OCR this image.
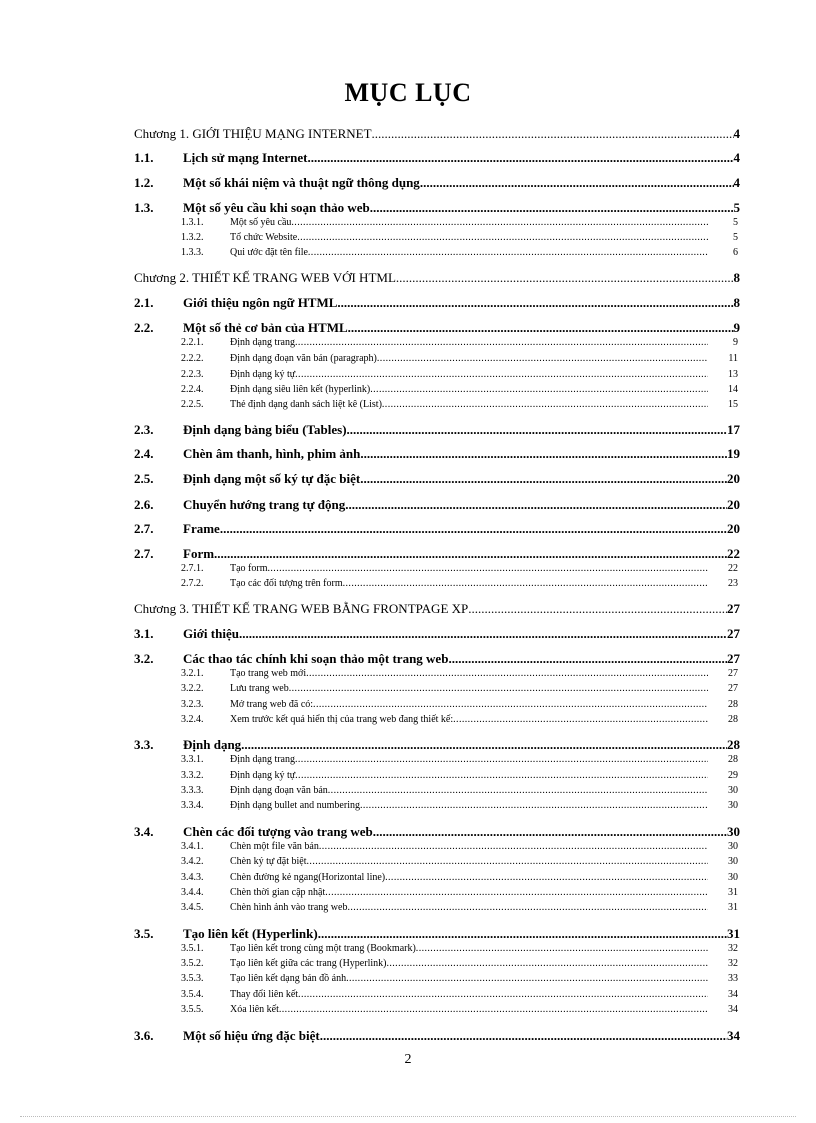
MỤC LỤC
Chương 1. GIỚI THIỆU MẠNG INTERNET .....	4
1.1.	Lịch sử mạng Internet .....	4
1.2.	Một số khái niệm và thuật ngữ thông dụng .....	4
1.3.	Một số yêu cầu khi soạn thảo web .....	5
1.3.1.	Một số yêu cầu .....	5
1.3.2.	Tổ chức Website .....	5
1.3.3.	Qui ước đặt tên file .....	6
Chương 2. THIẾT KẾ TRANG WEB VỚI HTML .....	8
2.1.	Giới thiệu ngôn ngữ HTML .....	8
2.2.	Một số thẻ cơ bản của HTML .....	9
2.2.1.	Định dạng trang .....	9
2.2.2.	Định dạng đoạn văn bản (paragraph) .....	11
2.2.3.	Định dạng ký tự .....	13
2.2.4.	Định dạng siêu liên kết (hyperlink) .....	14
2.2.5.	Thẻ định dạng danh sách liệt kê (List) .....	15
2.3.	Định dạng bảng biểu (Tables) .....	17
2.4.	Chèn âm thanh, hình, phim ảnh .....	19
2.5.	Định dạng một số ký tự đặc biệt .....	20
2.6.	Chuyển hướng trang tự động .....	20
2.7.	Frame .....	20
2.7.	Form .....	22
2.7.1.	Tạo form .....	22
2.7.2.	Tạo các đối tượng trên form .....	23
Chương 3. THIẾT KẾ TRANG WEB BẰNG FRONTPAGE XP .....	27
3.1.	Giới thiệu .....	27
3.2.	Các thao tác chính khi soạn thảo một trang web .....	27
3.2.1.	Tạo trang web mới .....	27
3.2.2.	Lưu trang web .....	27
3.2.3.	Mở trang web đã có: .....	28
3.2.4.	Xem trước kết quả hiển thị của trang web đang thiết kế: .....	28
3.3.	Định dạng .....	28
3.3.1.	Định dạng trang .....	28
3.3.2.	Định dạng ký tự .....	29
3.3.3.	Định dạng đoạn văn bản .....	30
3.3.4.	Định dạng bullet and numbering .....	30
3.4.	Chèn các đối tượng vào trang web .....	30
3.4.1.	Chèn một file văn bản .....	30
3.4.2.	Chèn ký tự đặt biệt .....	30
3.4.3.	Chèn đường kẻ ngang(Horizontal line) .....	30
3.4.4.	Chèn thời gian cập nhật .....	31
3.4.5.	Chèn hình ảnh vào trang web .....	31
3.5.	Tạo liên kết (Hyperlink) .....	31
3.5.1.	Tạo liên kết trong cùng một trang (Bookmark) .....	32
3.5.2.	Tạo liên kết giữa các trang (Hyperlink) .....	32
3.5.3.	Tạo liên kết dạng bản đồ ảnh .....	33
3.5.4.	Thay đổi liên kết .....	34
3.5.5.	Xóa liên kết .....	34
3.6.	Một số hiệu ứng đặc biệt .....	34
2
